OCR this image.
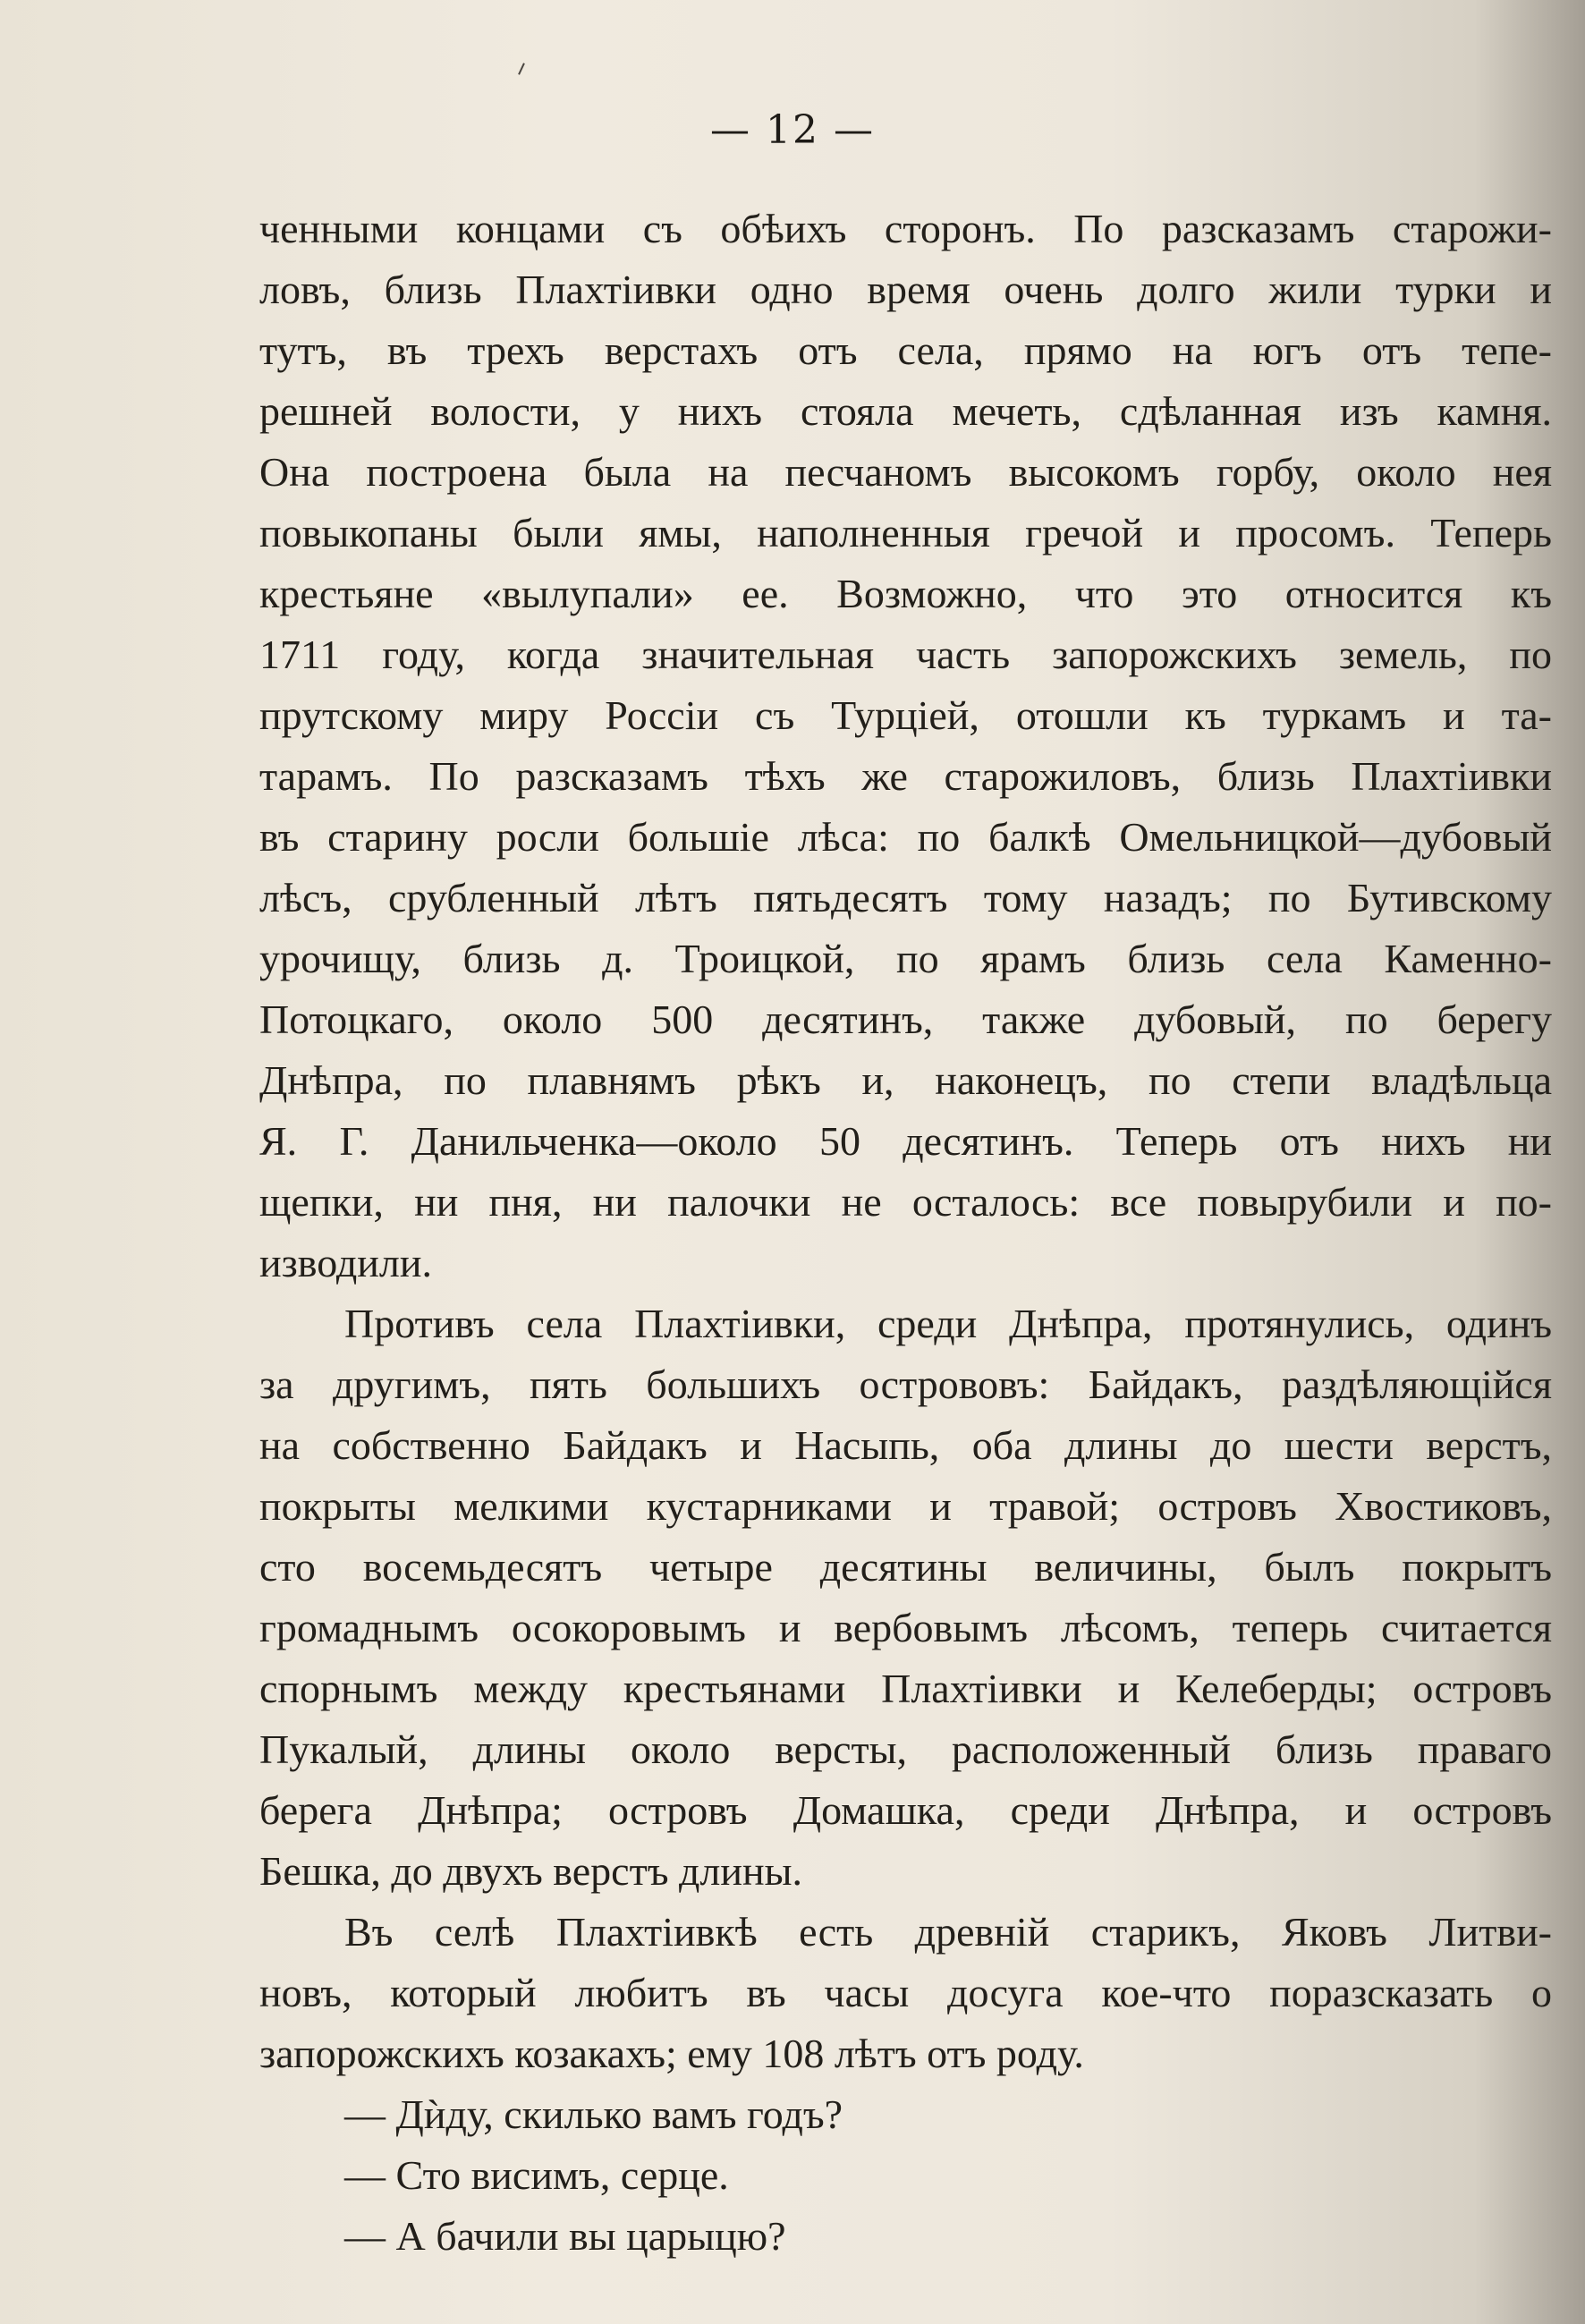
— 12 —
ченными концами съ обѣихъ сторонъ. По разсказамъ старожи-
ловъ, близь Плахтіивки одно время очень долго жили турки и
тутъ, въ трехъ верстахъ отъ села, прямо на югъ отъ тепе-
решней волости, у нихъ стояла мечеть, сдѣланная изъ камня.
Она построена была на песчаномъ высокомъ горбу, около нея
повыкопаны были ямы, наполненныя гречой и просомъ. Теперь
крестьяне «вылупали» ее. Возможно, что это относится къ
1711 году, когда значительная часть запорожскихъ земель, по
прутскому миру Россіи съ Турціей, отошли къ туркамъ и та-
тарамъ. По разсказамъ тѣхъ же старожиловъ, близь Плахтіивки
въ старину росли большіе лѣса: по балкѣ Омельницкой—дубовый
лѣсъ, срубленный лѣтъ пятьдесятъ тому назадъ; по Бутивскому
урочищу, близь д. Троицкой, по ярамъ близь села Каменно-
Потоцкаго, около 500 десятинъ, также дубовый, по берегу
Днѣпра, по плавнямъ рѣкъ и, наконецъ, по степи владѣльца
Я. Г. Данильченка—около 50 десятинъ. Теперь отъ нихъ ни
щепки, ни пня, ни палочки не осталось: все повырубили и по-
изводили.
Противъ села Плахтіивки, среди Днѣпра, протянулись, одинъ
за другимъ, пять большихъ острововъ: Байдакъ, раздѣляющійся
на собственно Байдакъ и Насыпь, оба длины до шести верстъ,
покрыты мелкими кустарниками и травой; островъ Хвостиковъ,
сто восемьдесятъ четыре десятины величины, былъ покрытъ
громаднымъ осокоровымъ и вербовымъ лѣсомъ, теперь считается
спорнымъ между крестьянами Плахтіивки и Келеберды; островъ
Пукалый, длины около версты, расположенный близь праваго
берега Днѣпра; островъ Домашка, среди Днѣпра, и островъ
Бешка, до двухъ верстъ длины.
Въ селѣ Плахтіивкѣ есть древній старикъ, Яковъ Литви-
новъ, который любитъ въ часы досуга кое-что поразсказать о
запорожскихъ козакахъ; ему 108 лѣтъ отъ роду.
— Дѝду, скилько вамъ годъ?
— Сто висимъ, серце.
— А бачили вы царыцю?
